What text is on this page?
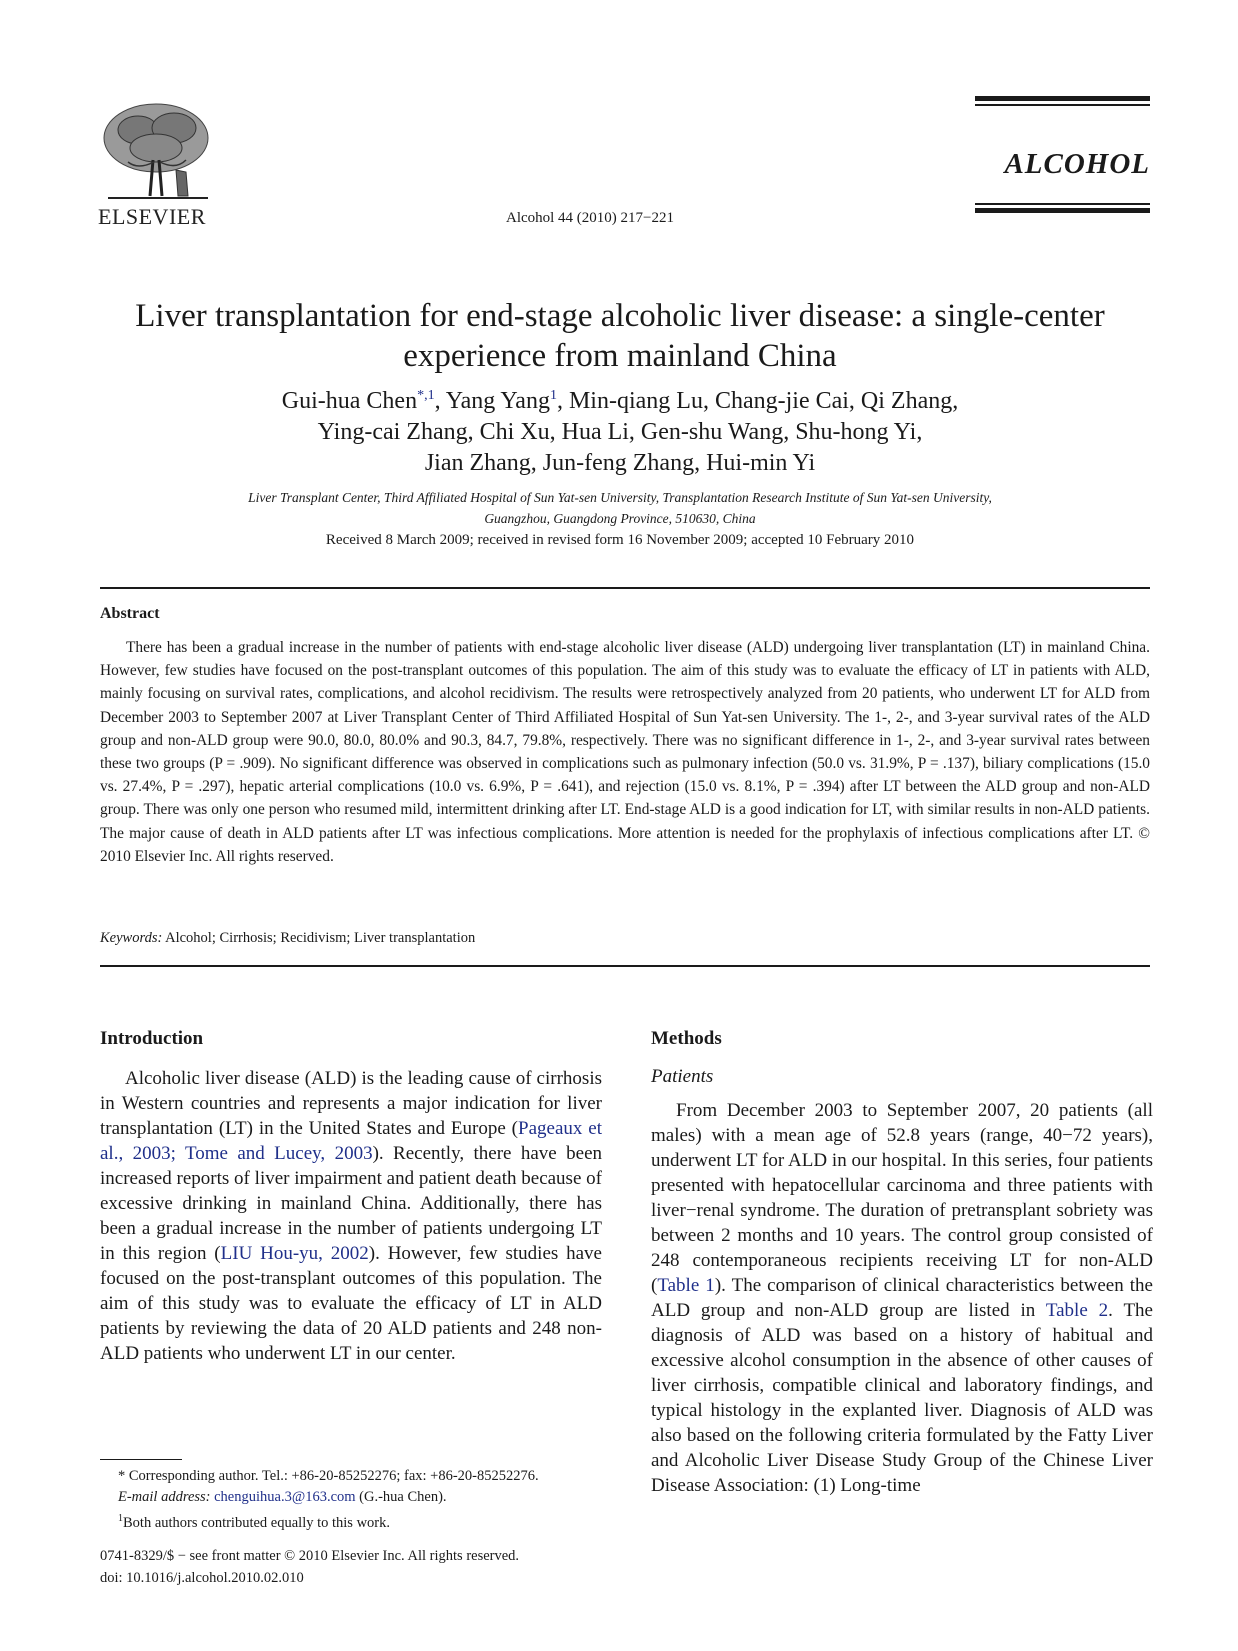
ELSEVIER	Alcohol 44 (2010) 217−221
ALCOHOL
Liver transplantation for end-stage alcoholic liver disease: a single-center experience from mainland China
Gui-hua Chen$^{*,1}$, Yang Yang$^1$, Min-qiang Lu, Chang-jie Cai, Qi Zhang,
Ying-cai Zhang, Chi Xu, Hua Li, Gen-shu Wang, Shu-hong Yi,
Jian Zhang, Jun-feng Zhang, Hui-min Yi
Liver Transplant Center, Third Affiliated Hospital of Sun Yat-sen University, Transplantation Research Institute of Sun Yat-sen University,
Guangzhou, Guangdong Province, 510630, China
Received 8 March 2009; received in revised form 16 November 2009; accepted 10 February 2010
Abstract

There has been a gradual increase in the number of patients with end-stage alcoholic liver disease (ALD) undergoing liver transplantation (LT) in mainland China. However, few studies have focused on the post-transplant outcomes of this population. The aim of this study was to evaluate the efficacy of LT in patients with ALD, mainly focusing on survival rates, complications, and alcohol recidivism. The results were retrospectively analyzed from 20 patients, who underwent LT for ALD from December 2003 to September 2007 at Liver Transplant Center of Third Affiliated Hospital of Sun Yat-sen University. The 1-, 2-, and 3-year survival rates of the ALD group and non-ALD group were 90.0, 80.0, 80.0% and 90.3, 84.7, 79.8%, respectively. There was no significant difference in 1-, 2-, and 3-year survival rates between these two groups (P = .909). No significant difference was observed in complications such as pulmonary infection (50.0 vs. 31.9%, P = .137), biliary complications (15.0 vs. 27.4%, P = .297), hepatic arterial complications (10.0 vs. 6.9%, P = .641), and rejection (15.0 vs. 8.1%, P = .394) after LT between the ALD group and non-ALD group. There was only one person who resumed mild, intermittent drinking after LT. End-stage ALD is a good indication for LT, with similar results in non-ALD patients. The major cause of death in ALD patients after LT was infectious complications. More attention is needed for the prophylaxis of infectious complications after LT. © 2010 Elsevier Inc. All rights reserved.

Keywords: Alcohol; Cirrhosis; Recidivism; Liver transplantation
Introduction

Alcoholic liver disease (ALD) is the leading cause of cirrhosis in Western countries and represents a major indication for liver transplantation (LT) in the United States and Europe (Pageaux et al., 2003; Tome and Lucey, 2003). Recently, there have been increased reports of liver impairment and patient death because of excessive drinking in mainland China. Additionally, there has been a gradual increase in the number of patients undergoing LT in this region (LIU Hou-yu, 2002). However, few studies have focused on the post-transplant outcomes of this population. The aim of this study was to evaluate the efficacy of LT in ALD patients by reviewing the data of 20 ALD patients and 248 non-ALD patients who underwent LT in our center.

Methods
Patients

From December 2003 to September 2007, 20 patients (all males) with a mean age of 52.8 years (range, 40−72 years), underwent LT for ALD in our hospital. In this series, four patients presented with hepatocellular carcinoma and three patients with liver−renal syndrome. The duration of pretransplant sobriety was between 2 months and 10 years. The control group consisted of 248 contemporaneous recipients receiving LT for non-ALD (Table 1). The comparison of clinical characteristics between the ALD group and non-ALD group are listed in Table 2. The diagnosis of ALD was based on a history of habitual and excessive alcohol consumption in the absence of other causes of liver cirrhosis, compatible clinical and laboratory findings, and typical histology in the explanted liver. Diagnosis of ALD was also based on the following criteria formulated by the Fatty Liver and Alcoholic Liver Disease Study Group of the Chinese Liver Disease Association: (1) Long-time

* Corresponding author. Tel.: +86-20-85252276; fax: +86-20-85252276.
E-mail address: chenguihua.3@163.com (G.-hua Chen).
$^1$Both authors contributed equally to this work.
0741-8329/$ − see front matter © 2010 Elsevier Inc. All rights reserved.
doi: 10.1016/j.alcohol.2010.02.010
